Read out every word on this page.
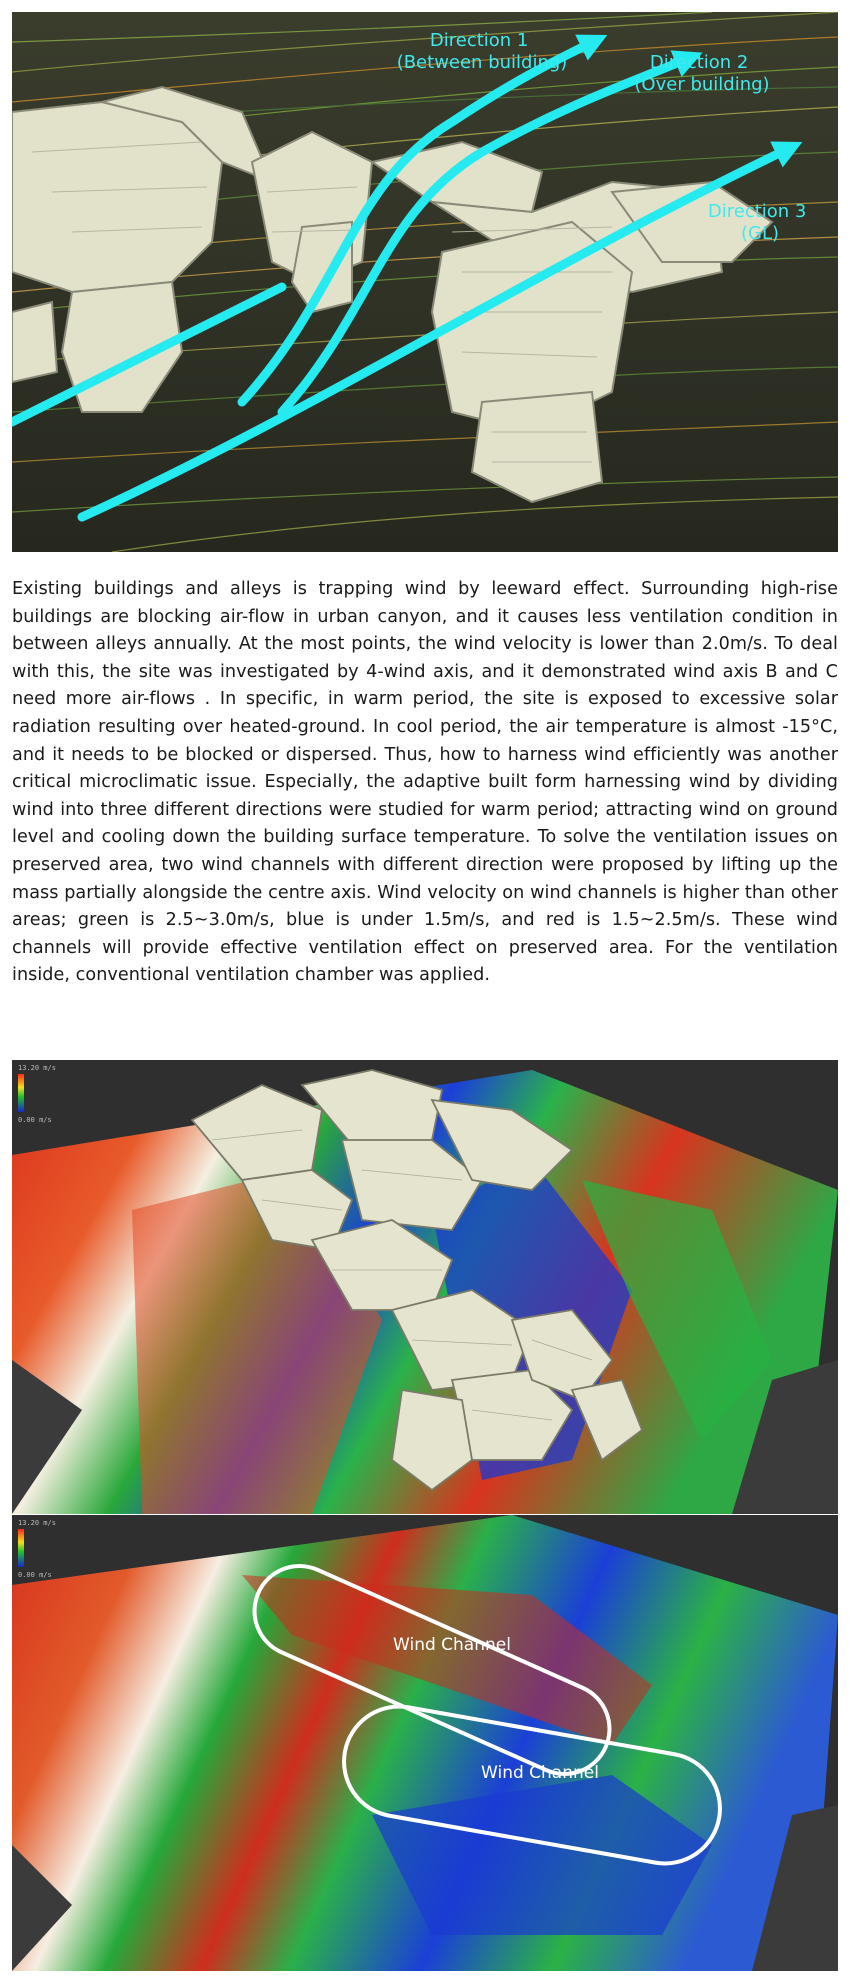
Direction 1 (Between building)	Direction 2 (Over building)
Direction 3 (GL)

Existing buildings and alleys is trapping wind by leeward effect. Surrounding high-rise buildings are blocking air-flow in urban canyon, and it causes less ventilation condition in between alleys annually. At the most points, the wind velocity is lower than 2.0m/s. To deal with this, the site was investigated by 4-wind axis, and it demonstrated wind axis B and C need more air-flows . In specific, in warm period, the site is exposed to excessive solar radiation resulting over heated-ground. In cool period, the air temperature is almost -15°C, and it needs to be blocked or dispersed. Thus, how to harness wind efficiently was another critical microclimatic issue. Especially, the adaptive built form harnessing wind by dividing wind into three different directions were studied for warm period; attracting wind on ground level and cooling down the building surface temperature. To solve the ventilation issues on preserved area, two wind channels with different direction were proposed by lifting up the mass partially alongside the centre axis. Wind velocity on wind channels is higher than other areas; green is 2.5~3.0m/s, blue is under 1.5m/s, and red is 1.5~2.5m/s. These wind channels will provide effective ventilation effect on preserved area. For the ventilation inside, conventional ventilation chamber was applied.

13.20 m/s
0.00 m/s
Wind Channel
Wind Channel
13.20 m/s
0.00 m/s
